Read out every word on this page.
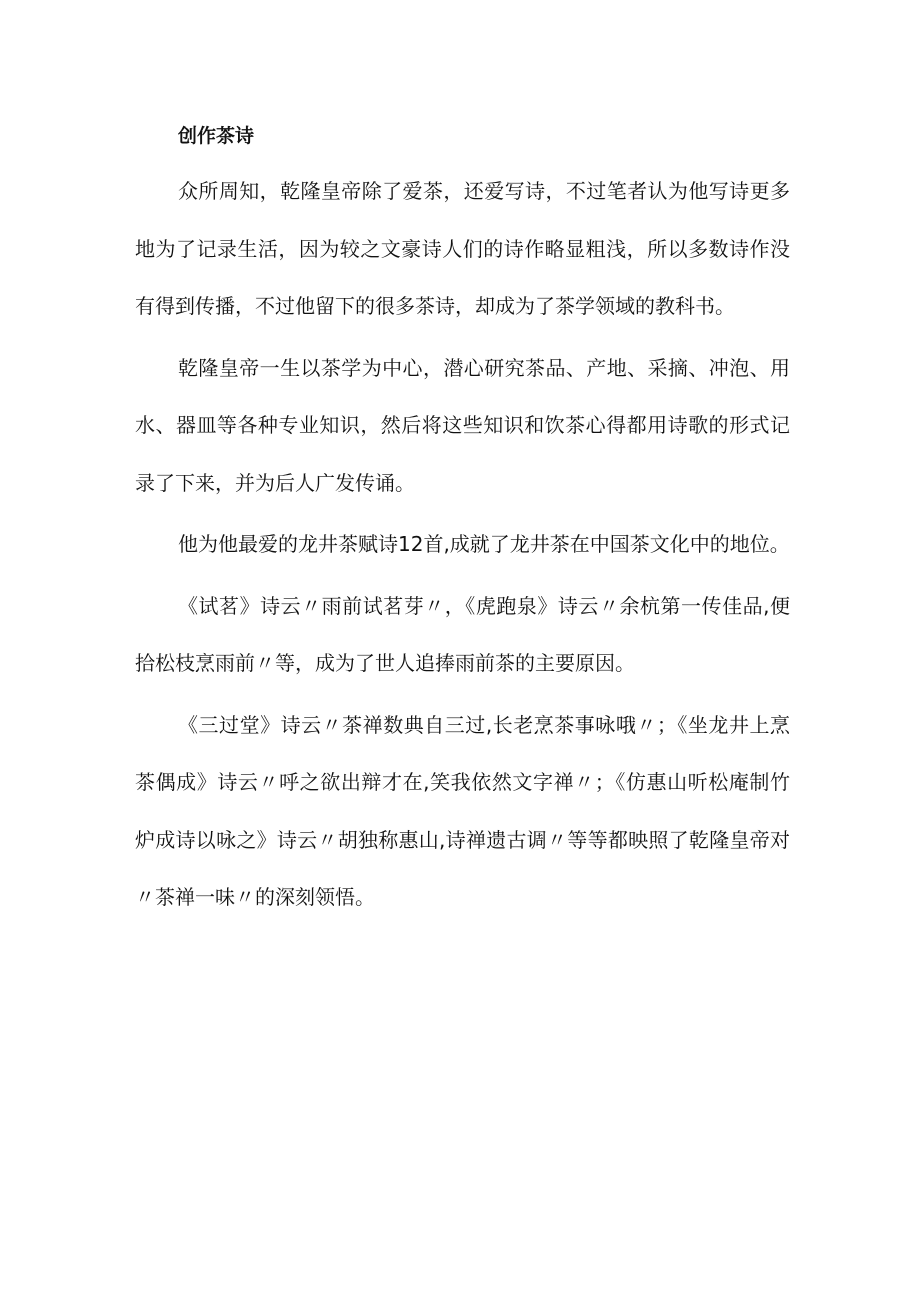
创作茶诗

众所周知，乾隆皇帝除了爱茶，还爱写诗，不过笔者认为他写诗更多地为了记录生活，因为较之文豪诗人们的诗作略显粗浅，所以多数诗作没有得到传播，不过他留下的很多茶诗，却成为了茶学领域的教科书。

乾隆皇帝一生以茶学为中心，潜心研究茶品、产地、采摘、冲泡、用水、器皿等各种专业知识，然后将这些知识和饮茶心得都用诗歌的形式记录了下来，并为后人广发传诵。

他为他最爱的龙井茶赋诗12首,成就了龙井茶在中国茶文化中的地位。

《试茗》诗云〃雨前试茗芽〃，《虎跑泉》诗云〃余杭第一传佳品,便拾松枝烹雨前〃等，成为了世人追捧雨前茶的主要原因。

《三过堂》诗云〃茶禅数典自三过,长老烹茶事咏哦〃；《坐龙井上烹茶偶成》诗云〃呼之欲出辩才在,笑我依然文字禅〃；《仿惠山听松庵制竹炉成诗以咏之》诗云〃胡独称惠山,诗禅遗古调〃等等都映照了乾隆皇帝对〃茶禅一味〃的深刻领悟。
